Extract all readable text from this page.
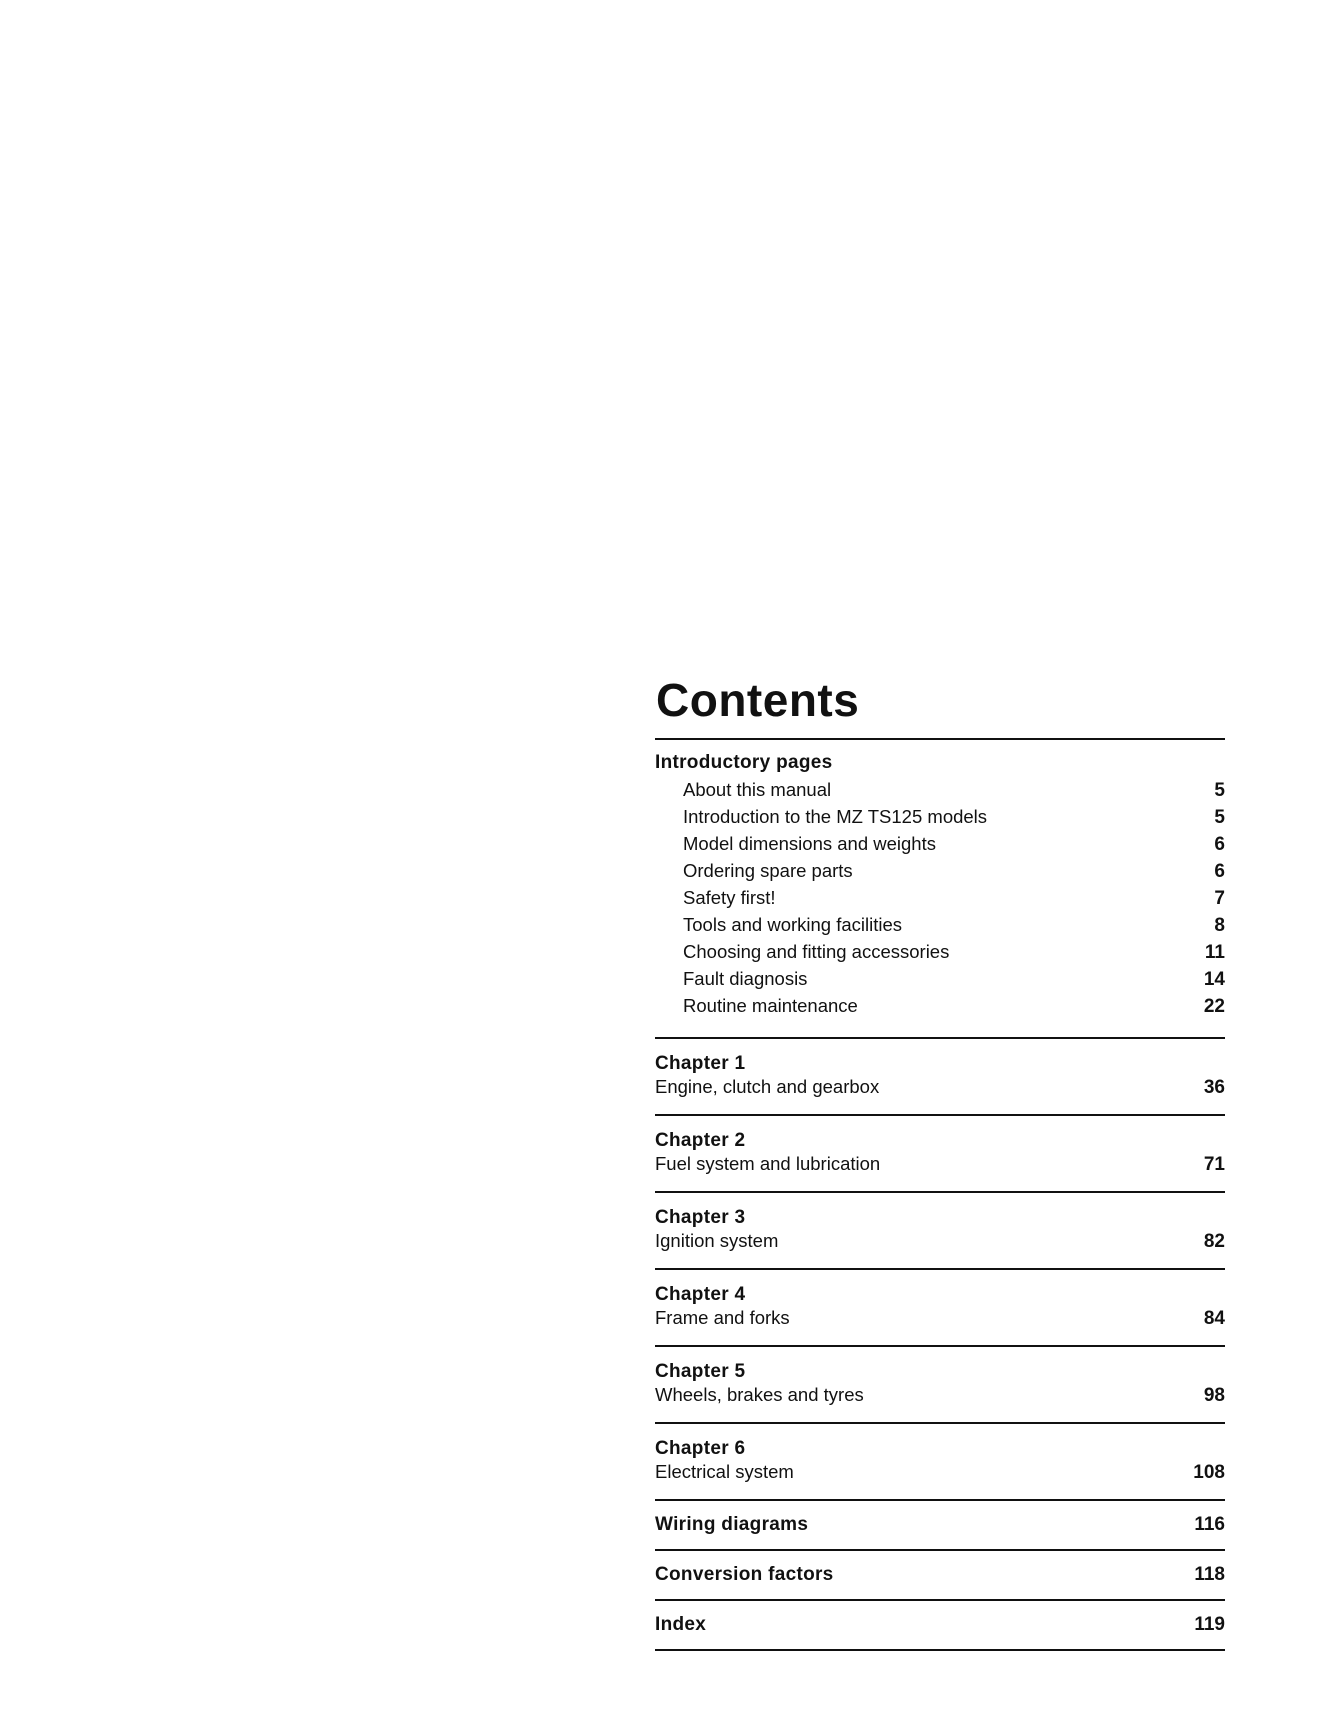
Contents
Introductory pages
About this manual	5
Introduction to the MZ TS125 models	5
Model dimensions and weights	6
Ordering spare parts	6
Safety first!	7
Tools and working facilities	8
Choosing and fitting accessories	11
Fault diagnosis	14
Routine maintenance	22
Chapter 1
Engine, clutch and gearbox	36
Chapter 2
Fuel system and lubrication	71
Chapter 3
Ignition system	82
Chapter 4
Frame and forks	84
Chapter 5
Wheels, brakes and tyres	98
Chapter 6
Electrical system	108
Wiring diagrams	116
Conversion factors	118
Index	119
